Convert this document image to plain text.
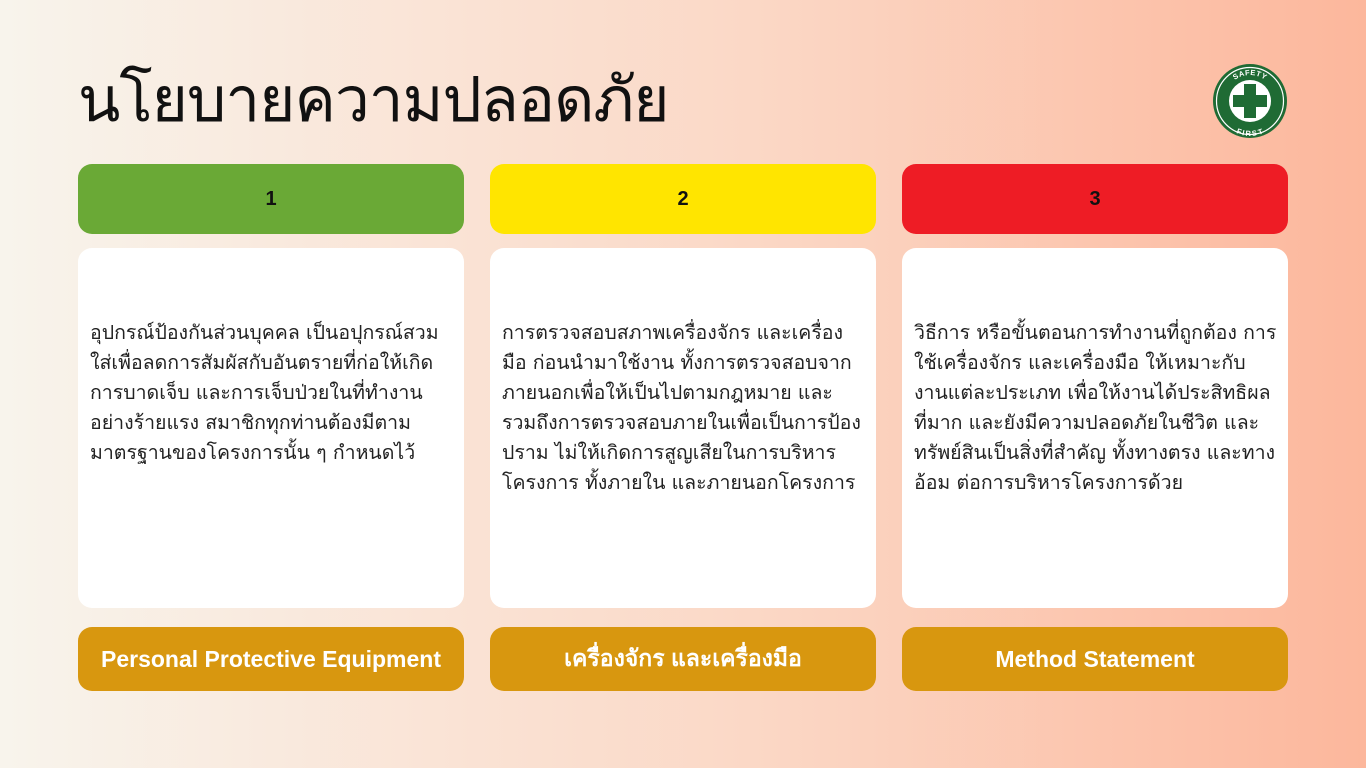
นโยบายความปลอดภัย	SAFETY
FIRST
1
อุปกรณ์ป้องกันส่วนบุคคล เป็นอปุกรณ์สวมใส่เพื่อลดการสัมผัสกับอันตรายที่ก่อให้เกิดการบาดเจ็บ และการเจ็บป่วยในที่ทำงานอย่างร้ายแรง สมาชิกทุกท่านต้องมีตามมาตรฐานของโครงการนั้น ๆ กำหนดไว้
Personal Protective Equipment
2
การตรวจสอบสภาพเครื่องจักร และเครื่องมือ ก่อนนำมาใช้งาน ทั้งการตรวจสอบจากภายนอกเพื่อให้เป็นไปตามกฎหมาย และรวมถึงการตรวจสอบภายในเพื่อเป็นการป้องปราม ไม่ให้เกิดการสูญเสียในการบริหารโครงการ ทั้งภายใน และภายนอกโครงการ
เครื่องจักร และเครื่องมือ
3
วิธีการ หรือขั้นตอนการทำงานที่ถูกต้อง การใช้เครื่องจักร และเครื่องมือ ให้เหมาะกับงานแต่ละประเภท เพื่อให้งานได้ประสิทธิผลที่มาก และยังมีความปลอดภัยในชีวิต และทรัพย์สินเป็นสิ่งที่สำคัญ ทั้งทางตรง และทางอ้อม ต่อการบริหารโครงการด้วย
Method Statement
